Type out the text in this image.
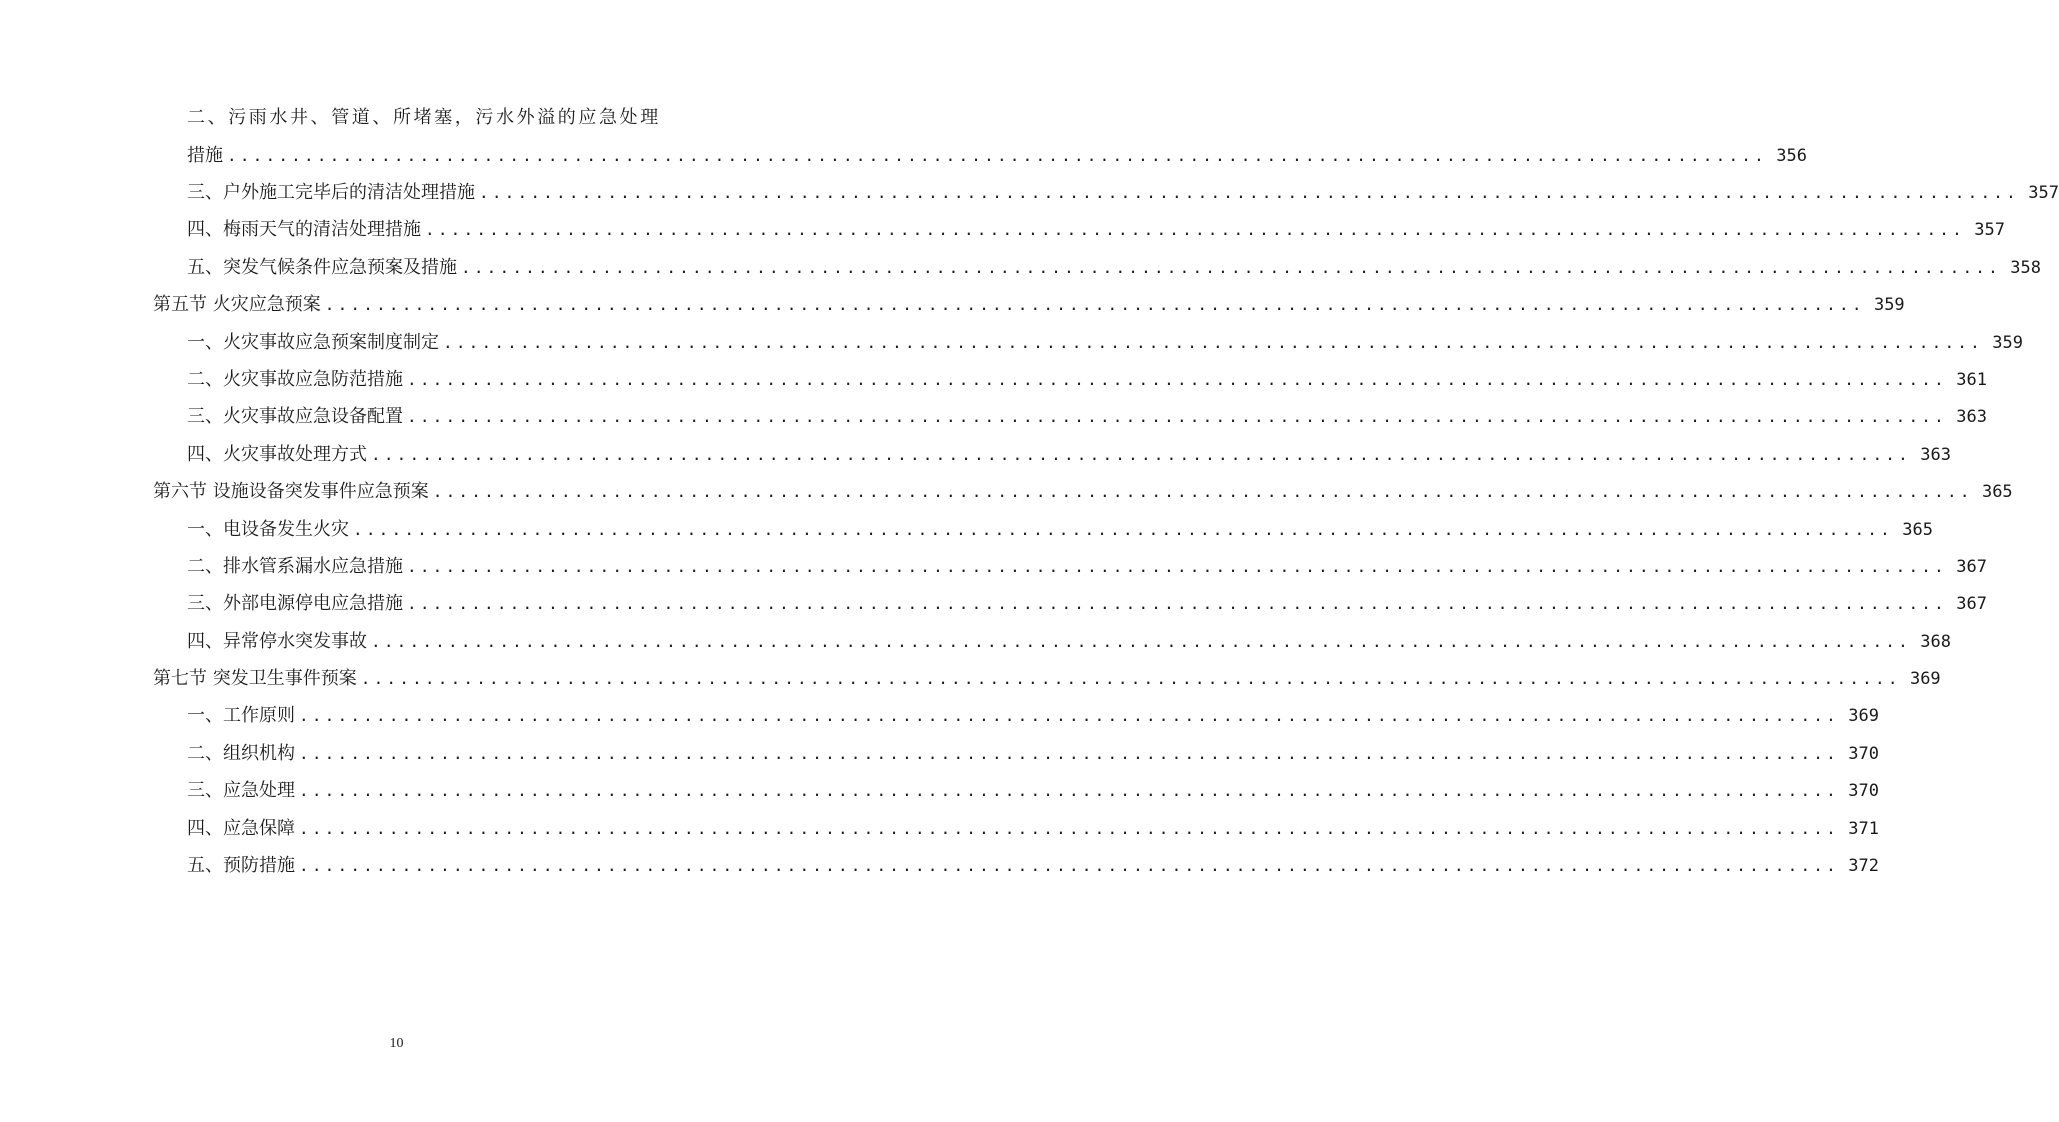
二、污雨水井、管道、所堵塞，污水外溢的应急处理
措施 ........................................................................................................................ 356
三、户外施工完毕后的清洁处理措施 ........................................................................................................................ 357
四、梅雨天气的清洁处理措施 ........................................................................................................................ 357
五、突发气候条件应急预案及措施 ........................................................................................................................ 358
第五节 火灾应急预案 ........................................................................................................................ 359
一、火灾事故应急预案制度制定 ........................................................................................................................ 359
二、火灾事故应急防范措施 ........................................................................................................................ 361
三、火灾事故应急设备配置 ........................................................................................................................ 363
四、火灾事故处理方式 ........................................................................................................................ 363
第六节 设施设备突发事件应急预案 ........................................................................................................................ 365
一、电设备发生火灾 ........................................................................................................................ 365
二、排水管系漏水应急措施 ........................................................................................................................ 367
三、外部电源停电应急措施 ........................................................................................................................ 367
四、异常停水突发事故 ........................................................................................................................ 368
第七节 突发卫生事件预案 ........................................................................................................................ 369
一、工作原则 ........................................................................................................................ 369
二、组织机构 ........................................................................................................................ 370
三、应急处理 ........................................................................................................................ 370
四、应急保障 ........................................................................................................................ 371
五、预防措施 ........................................................................................................................ 372
10
